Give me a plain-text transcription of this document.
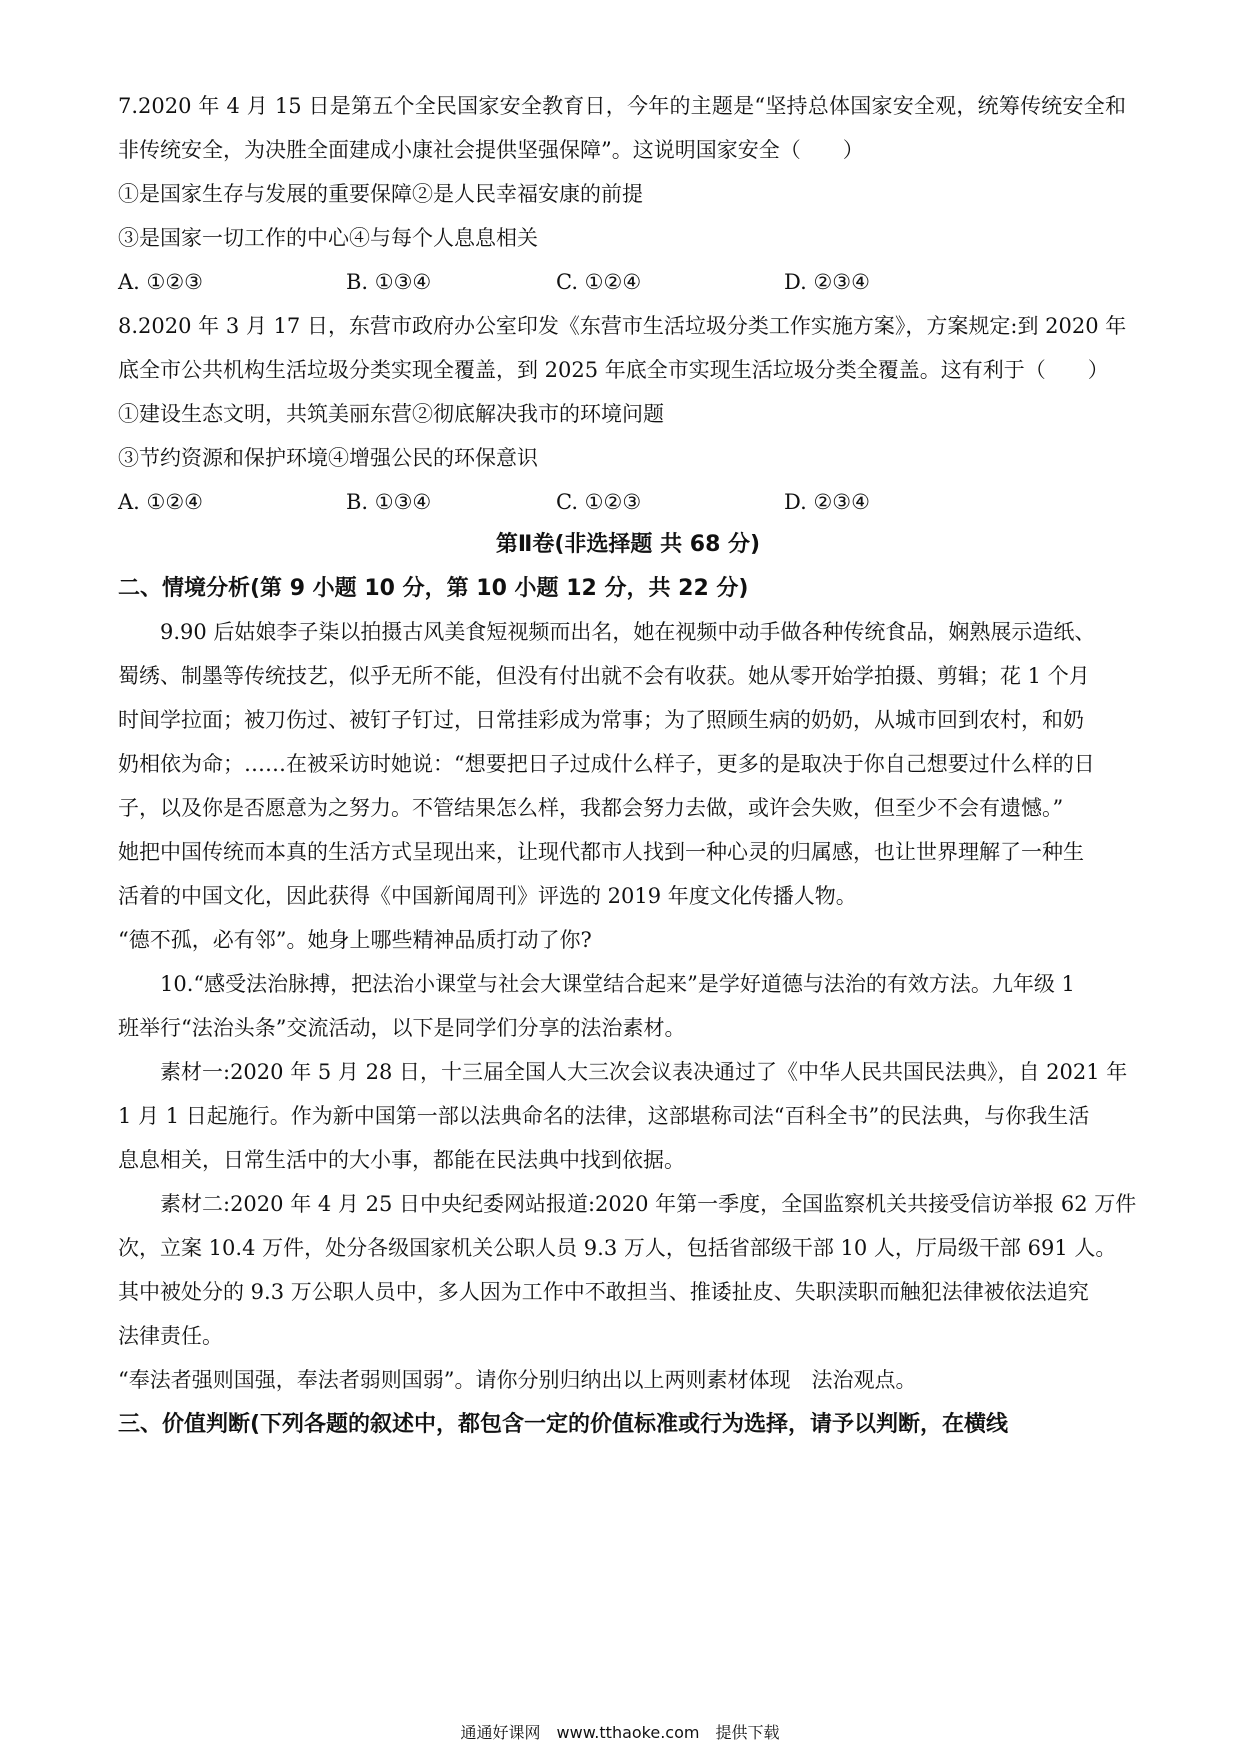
7.2020 年 4 月 15 日是第五个全民国家安全教育日，今年的主题是“坚持总体国家安全观，统筹传统安全和
非传统安全，为决胜全面建成小康社会提供坚强保障”。这说明国家安全（　　）
①是国家生存与发展的重要保障②是人民幸福安康的前提
③是国家一切工作的中心④与每个人息息相关
A. ①②③	B. ①③④	C. ①②④	D. ②③④
8.2020 年 3 月 17 日，东营市政府办公室印发《东营市生活垃圾分类工作实施方案》，方案规定:到 2020 年
底全市公共机构生活垃圾分类实现全覆盖，到 2025 年底全市实现生活垃圾分类全覆盖。这有利于（　　）
①建设生态文明，共筑美丽东营②彻底解决我市的环境问题
③节约资源和保护环境④增强公民的环保意识
A. ①②④	B. ①③④	C. ①②③	D. ②③④
第Ⅱ卷(非选择题 共 68 分)
二、情境分析(第 9 小题 10 分，第 10 小题 12 分，共 22 分)
9.90 后姑娘李子柒以拍摄古风美食短视频而出名，她在视频中动手做各种传统食品，娴熟展示造纸、
蜀绣、制墨等传统技艺，似乎无所不能，但没有付出就不会有收获。她从零开始学拍摄、剪辑；花 1 个月
时间学拉面；被刀伤过、被钉子钉过，日常挂彩成为常事；为了照顾生病的奶奶，从城市回到农村，和奶
奶相依为命；……在被采访时她说：“想要把日子过成什么样子，更多的是取决于你自己想要过什么样的日
子，以及你是否愿意为之努力。不管结果怎么样，我都会努力去做，或许会失败，但至少不会有遗憾。”
她把中国传统而本真的生活方式呈现出来，让现代都市人找到一种心灵的归属感，也让世界理解了一种生
活着的中国文化，因此获得《中国新闻周刊》评选的 2019 年度文化传播人物。
“德不孤，必有邻”。她身上哪些精神品质打动了你?
10.“感受法治脉搏，把法治小课堂与社会大课堂结合起来”是学好道德与法治的有效方法。九年级 1
班举行“法治头条”交流活动，以下是同学们分享的法治素材。
素材一:2020 年 5 月 28 日，十三届全国人大三次会议表决通过了《中华人民共国民法典》，自 2021 年
1 月 1 日起施行。作为新中国第一部以法典命名的法律，这部堪称司法“百科全书”的民法典，与你我生活
息息相关，日常生活中的大小事，都能在民法典中找到依据。
素材二:2020 年 4 月 25 日中央纪委网站报道:2020 年第一季度，全国监察机关共接受信访举报 62 万件
次，立案 10.4 万件，处分各级国家机关公职人员 9.3 万人，包括省部级干部 10 人，厅局级干部 691 人。
其中被处分的 9.3 万公职人员中，多人因为工作中不敢担当、推诿扯皮、失职渎职而触犯法律被依法追究
法律责任。
“奉法者强则国强，奉法者弱则国弱”。请你分别归纳出以上两则素材体现　法治观点。
三、价值判断(下列各题的叙述中，都包含一定的价值标准或行为选择，请予以判断，在横线
通通好课网　www.tthaoke.com　提供下载
